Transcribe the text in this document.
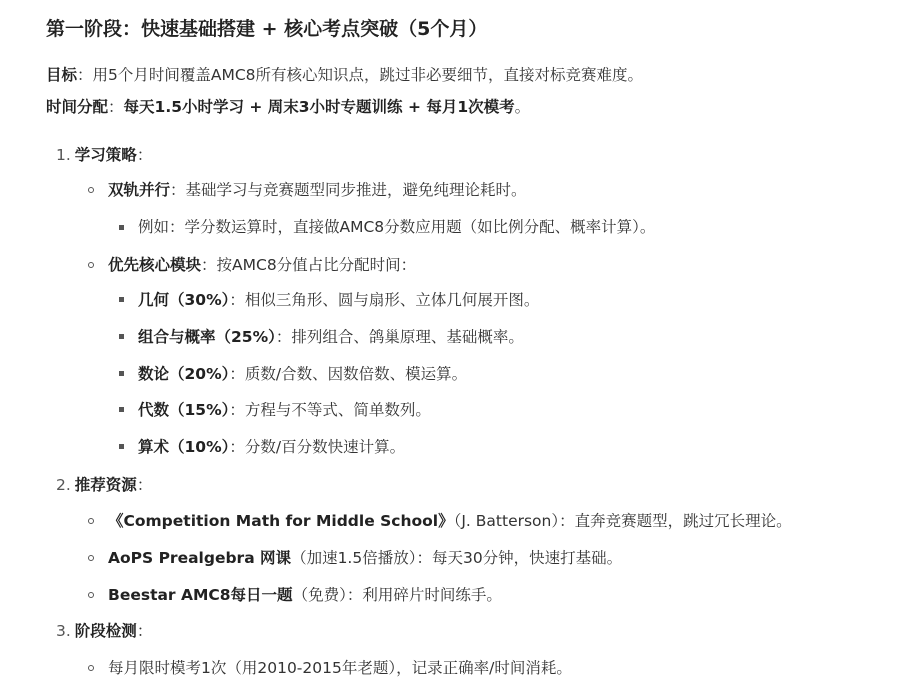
第一阶段：快速基础搭建 + 核心考点突破（5个月）
目标：用5个月时间覆盖AMC8所有核心知识点，跳过非必要细节，直接对标竞赛难度。
时间分配：每天1.5小时学习 + 周末3小时专题训练 + 每月1次模考。
1. 学习策略：
双轨并行：基础学习与竞赛题型同步推进，避免纯理论耗时。
例如：学分数运算时，直接做AMC8分数应用题（如比例分配、概率计算）。
优先核心模块：按AMC8分值占比分配时间：
几何（30%）：相似三角形、圆与扇形、立体几何展开图。
组合与概率（25%）：排列组合、鸽巢原理、基础概率。
数论（20%）：质数/合数、因数倍数、模运算。
代数（15%）：方程与不等式、简单数列。
算术（10%）：分数/百分数快速计算。
2. 推荐资源：
《Competition Math for Middle School》（J. Batterson）：直奔竞赛题型，跳过冗长理论。
AoPS Prealgebra 网课（加速1.5倍播放）：每天30分钟，快速打基础。
Beestar AMC8每日一题（免费）：利用碎片时间练手。
3. 阶段检测：
每月限时模考1次（用2010-2015年老题），记录正确率/时间消耗。
